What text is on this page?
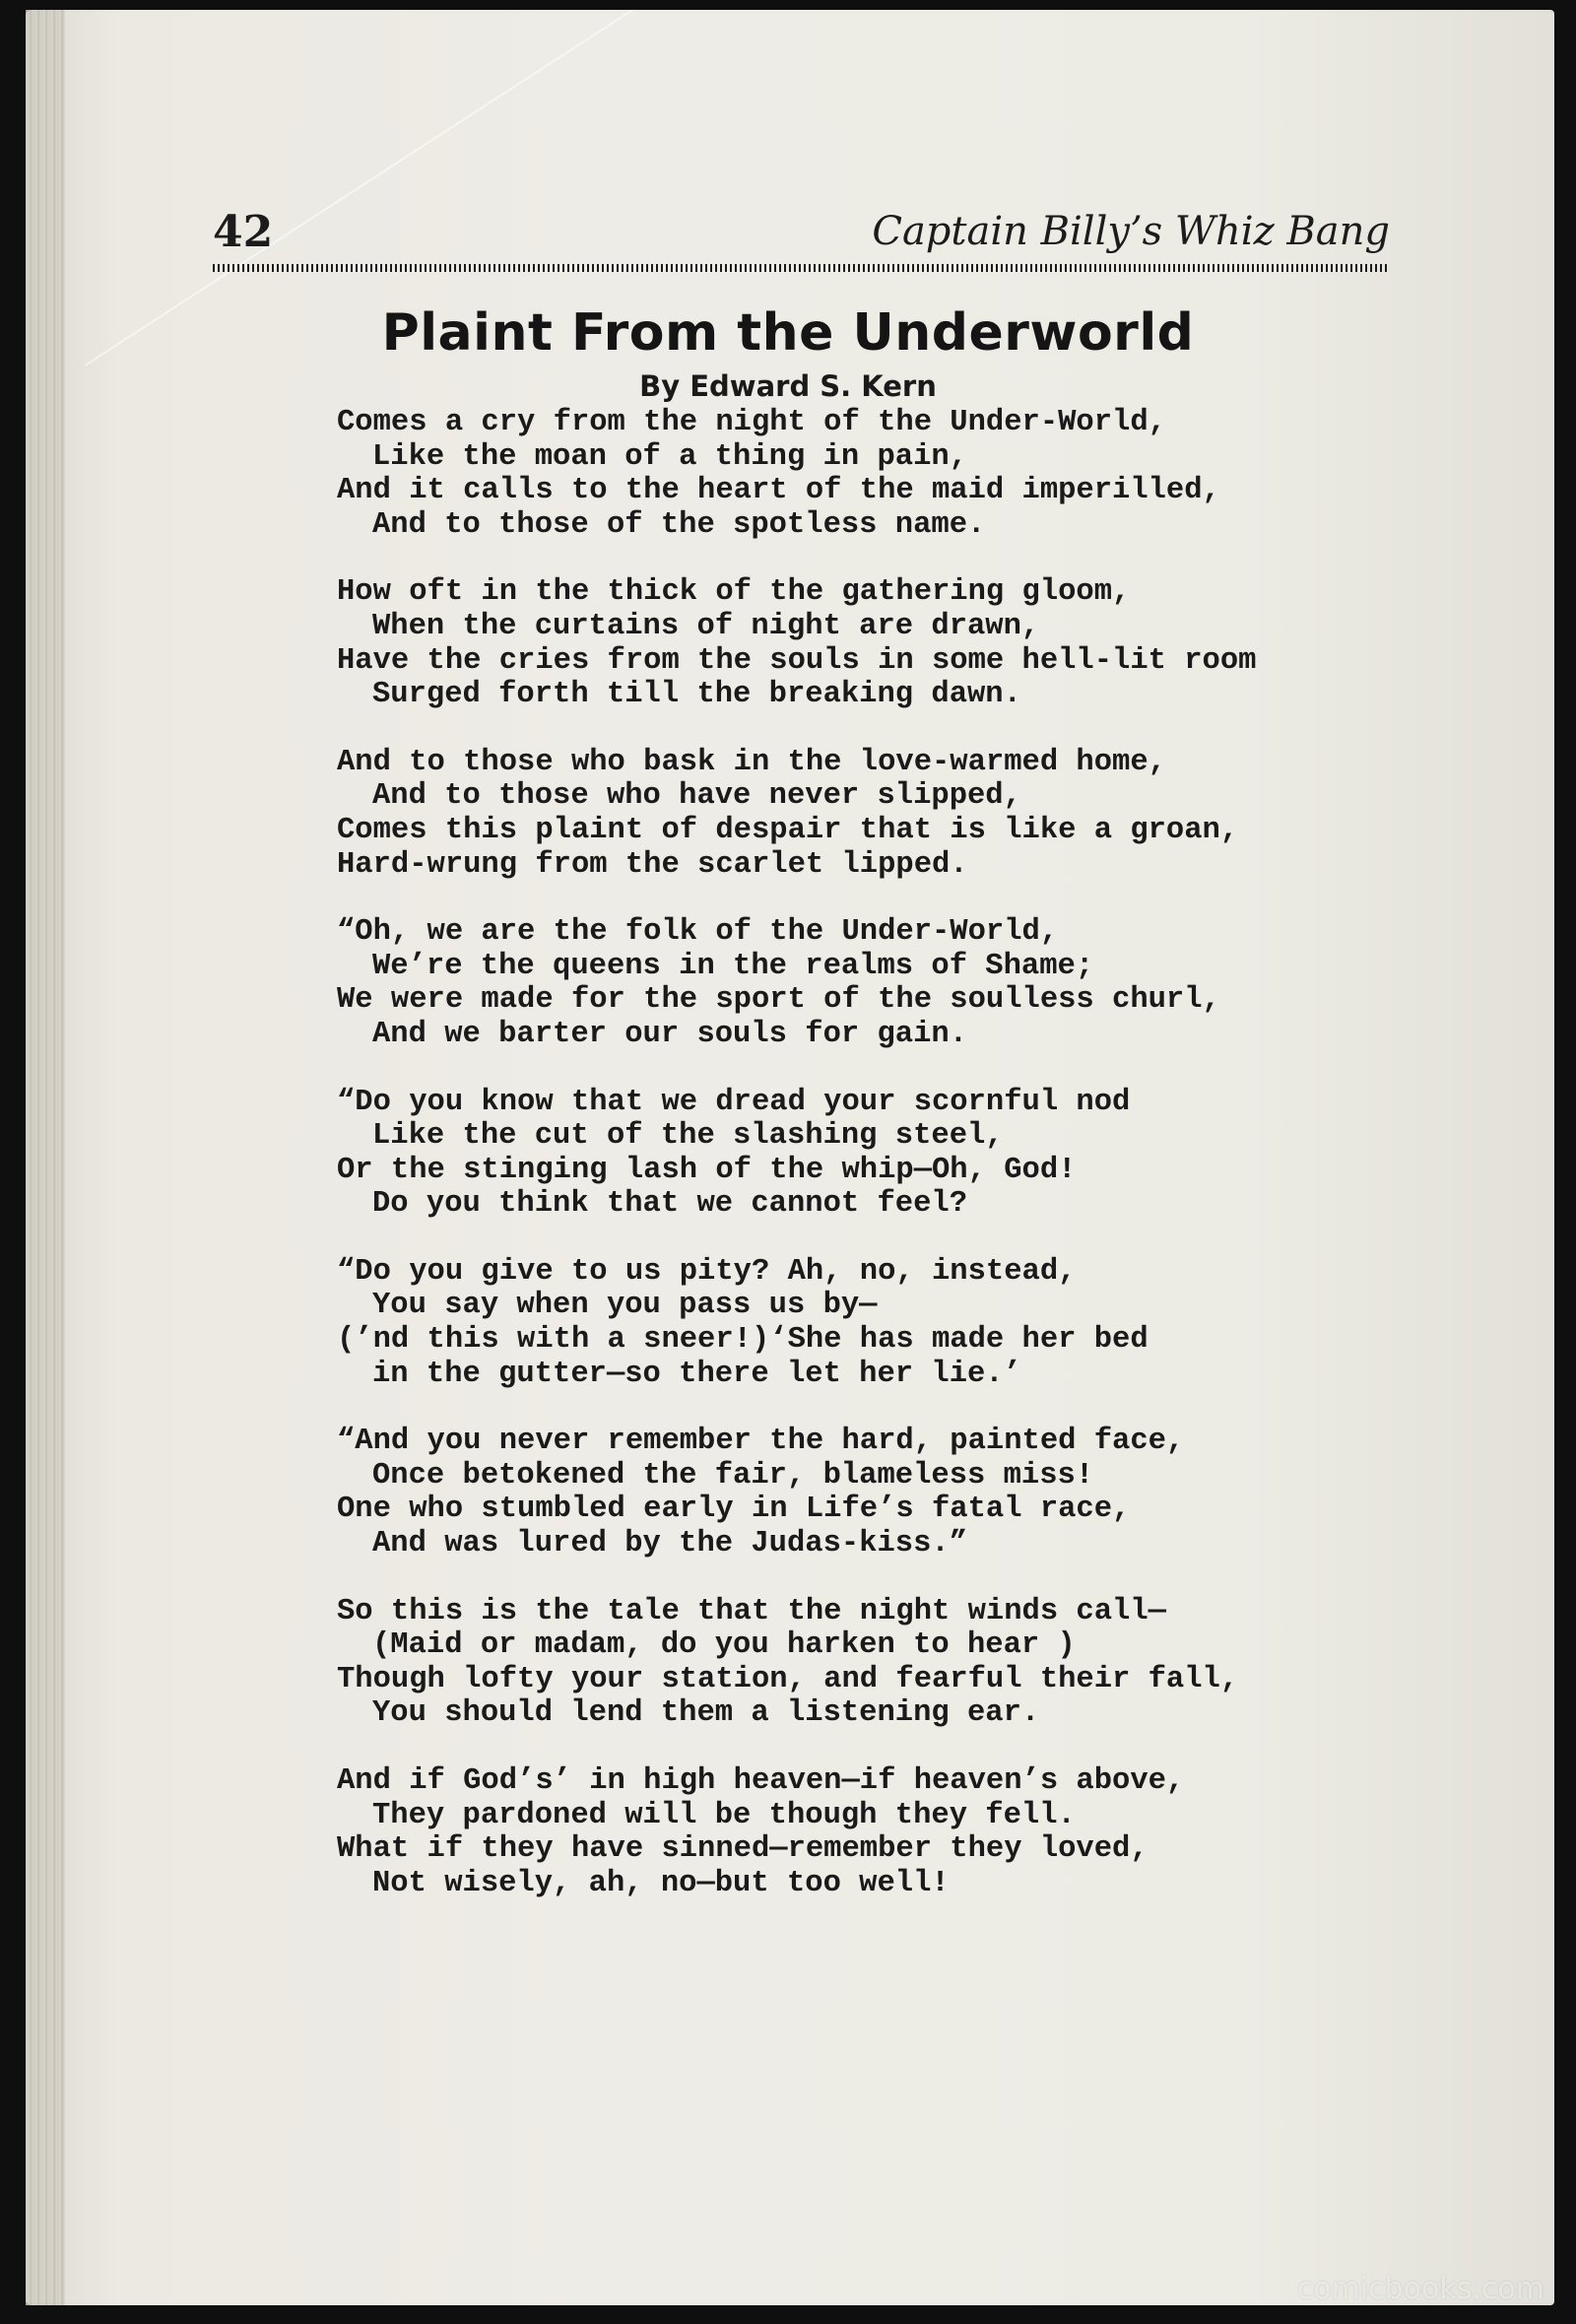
42	Captain Billy’s Whiz Bang
Plaint From the Underworld
By Edward S. Kern
Comes a cry from the night of the Under-World,
Like the moan of a thing in pain,
And it calls to the heart of the maid imperilled,
And to those of the spotless name.
How oft in the thick of the gathering gloom,
When the curtains of night are drawn,
Have the cries from the souls in some hell-lit room
Surged forth till the breaking dawn.
And to those who bask in the love-warmed home,
And to those who have never slipped,
Comes this plaint of despair that is like a groan,
Hard-wrung from the scarlet lipped.
“Oh, we are the folk of the Under-World,
We’re the queens in the realms of Shame;
We were made for the sport of the soulless churl,
And we barter our souls for gain.
“Do you know that we dread your scornful nod
Like the cut of the slashing steel,
Or the stinging lash of the whip—Oh, God!
Do you think that we cannot feel?
“Do you give to us pity? Ah, no, instead,
You say when you pass us by—
(’nd this with a sneer!)‘She has made her bed
in the gutter—so there let her lie.’
“And you never remember the hard, painted face,
Once betokened the fair, blameless miss!
One who stumbled early in Life’s fatal race,
And was lured by the Judas-kiss.”
So this is the tale that the night winds call—
(Maid or madam, do you harken to hear )
Though lofty your station, and fearful their fall,
You should lend them a listening ear.
And if God’s’ in high heaven—if heaven’s above,
They pardoned will be though they fell.
What if they have sinned—remember they loved,
Not wisely, ah, no—but too well!
comicbooks.com
